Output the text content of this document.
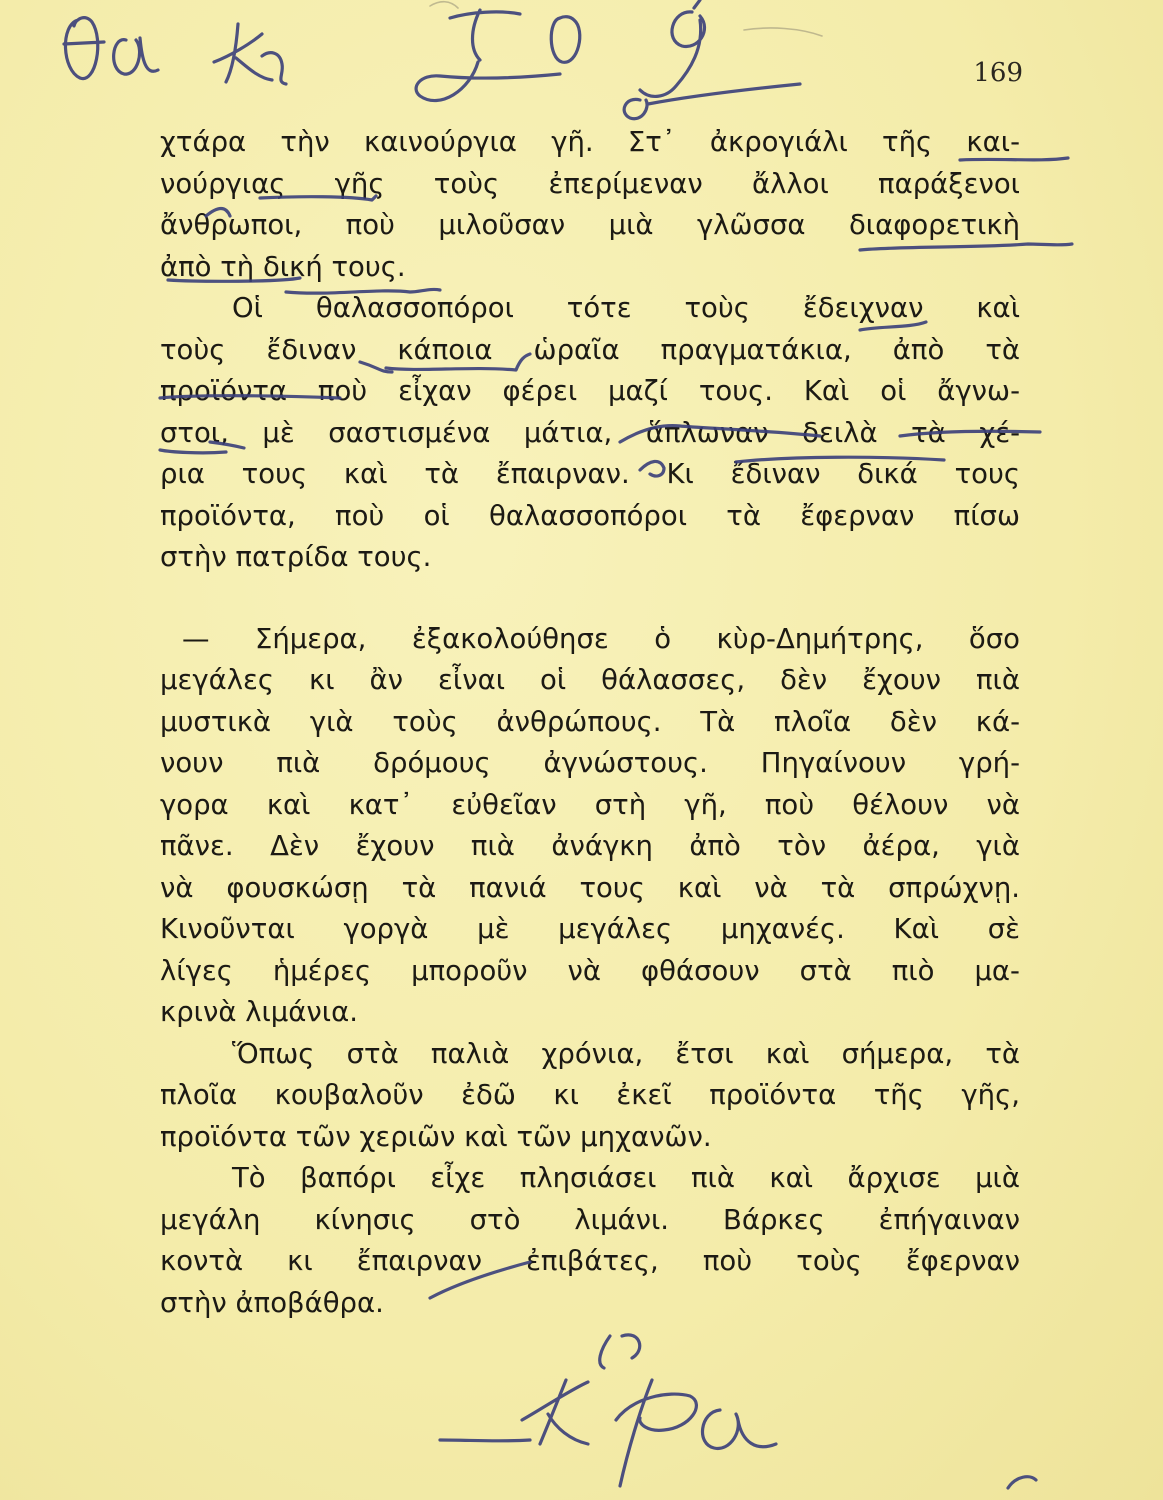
169
χτάρα τὴν καινούργια γῆ. Στ᾿ ἀκρογιάλι τῆς και-
νούργιας γῆς τοὺς ἐπερίμεναν ἄλλοι παράξενοι
ἄνθρωποι, ποὺ μιλοῦσαν μιὰ γλῶσσα διαφορετικὴ
ἀπὸ τὴ δική τους.
Οἱ θαλασσοπόροι τότε τοὺς ἔδειχναν καὶ
τοὺς ἔδιναν κάποια ὡραῖα πραγματάκια, ἀπὸ τὰ
προϊόντα ποὺ εἶχαν φέρει μαζί τους. Καὶ οἱ ἄγνω-
στοι, μὲ σαστισμένα μάτια, ἅπλωναν δειλὰ τὰ χέ-
ρια τους καὶ τὰ ἔπαιρναν. Κι ἔδιναν δικά τους
προϊόντα, ποὺ οἱ θαλασσοπόροι τὰ ἔφερναν πίσω
στὴν πατρίδα τους.
— Σήμερα, ἐξακολούθησε ὁ κὺρ-Δημήτρης, ὅσο
μεγάλες κι ἂν εἶναι οἱ θάλασσες, δὲν ἔχουν πιὰ
μυστικὰ γιὰ τοὺς ἀνθρώπους. Τὰ πλοῖα δὲν κά-
νουν πιὰ δρόμους ἀγνώστους. Πηγαίνουν γρή-
γορα καὶ κατ᾿ εὐθεῖαν στὴ γῆ, ποὺ θέλουν νὰ
πᾶνε. Δὲν ἔχουν πιὰ ἀνάγκη ἀπὸ τὸν ἀέρα, γιὰ
νὰ φουσκώσῃ τὰ πανιά τους καὶ νὰ τὰ σπρώχνῃ.
Κινοῦνται γοργὰ μὲ μεγάλες μηχανές. Καὶ σὲ
λίγες ἡμέρες μποροῦν νὰ φθάσουν στὰ πιὸ μα-
κρινὰ λιμάνια.
Ὅπως στὰ παλιὰ χρόνια, ἔτσι καὶ σήμερα, τὰ
πλοῖα κουβαλοῦν ἐδῶ κι ἐκεῖ προϊόντα τῆς γῆς,
προϊόντα τῶν χεριῶν καὶ τῶν μηχανῶν.
Τὸ βαπόρι εἶχε πλησιάσει πιὰ καὶ ἄρχισε μιὰ
μεγάλη κίνησις στὸ λιμάνι. Βάρκες ἐπήγαιναν
κοντὰ κι ἔπαιρναν ἐπιβάτες, ποὺ τοὺς ἔφερναν
στὴν ἀποβάθρα.
